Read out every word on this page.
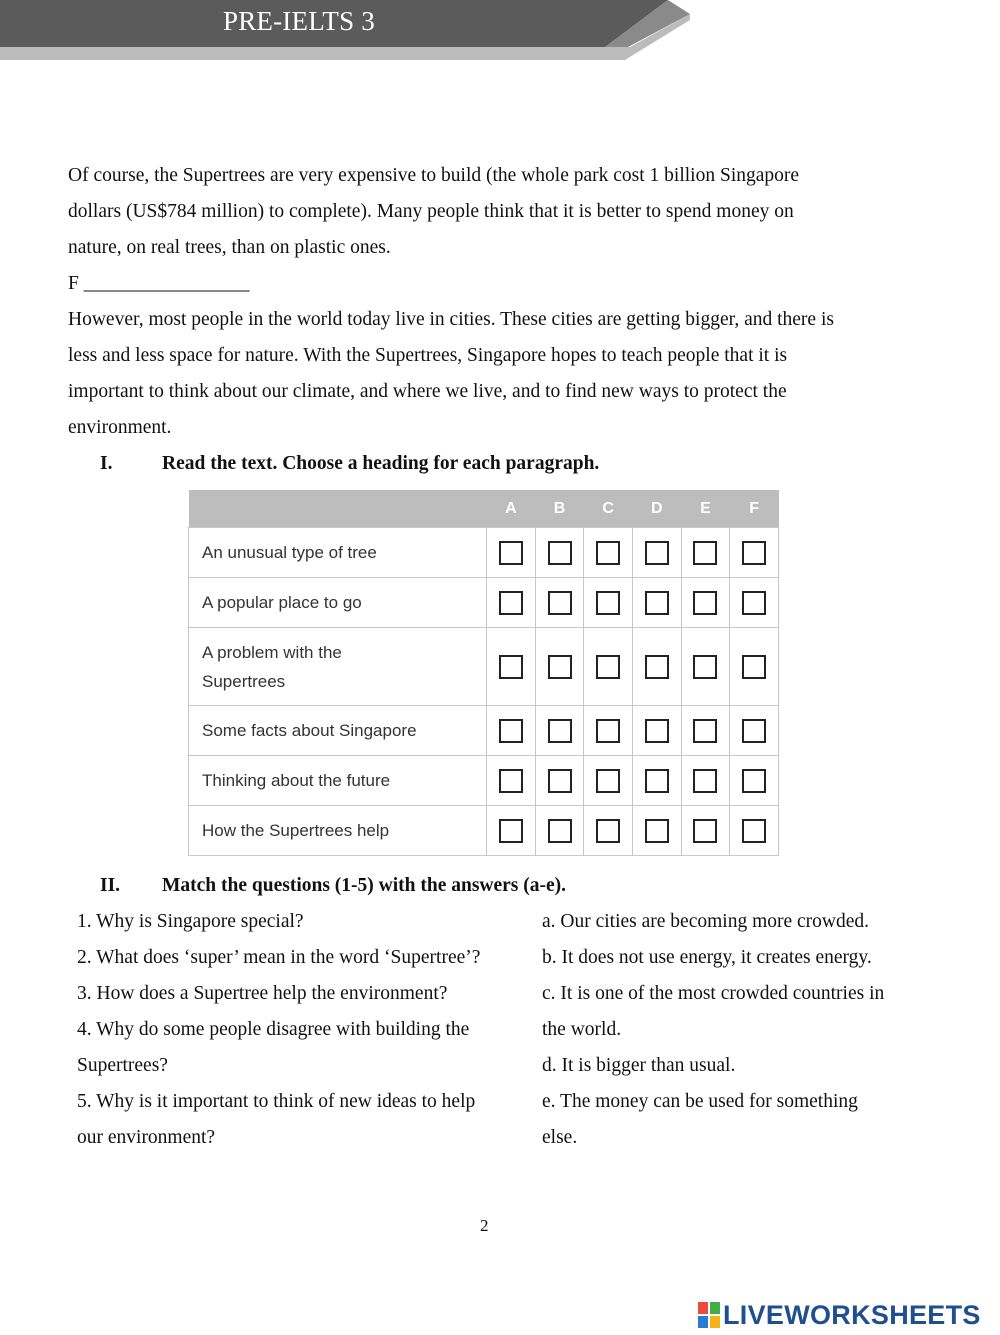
PRE-IELTS 3
Of course, the Supertrees are very expensive to build (the whole park cost 1 billion Singapore
dollars (US$784 million) to complete). Many people think that it is better to spend money on
nature, on real trees, than on plastic ones.
F _________________
However, most people in the world today live in cities. These cities are getting bigger, and there is
less and less space for nature. With the Supertrees, Singapore hopes to teach people that it is
important to think about our climate, and where we live, and to find new ways to protect the
environment.
I.	Read the text. Choose a heading for each paragraph.
	A	B	C	D	E	F
An unusual type of tree						
A popular place to go						
A problem with the
Supertrees						
Some facts about Singapore						
Thinking about the future						
How the Supertrees help						
II. Match the questions (1-5) with the answers (a-e).
1. Why is Singapore special?
2. What does ‘super’ mean in the word ‘Supertree’?
3. How does a Supertree help the environment?
4. Why do some people disagree with building the
Supertrees?
5. Why is it important to think of new ideas to help
our environment?
a. Our cities are becoming more crowded.
b. It does not use energy, it creates energy.
c. It is one of the most crowded countries in
the world.
d. It is bigger than usual.
e. The money can be used for something
else.
2
LIVEWORKSHEETS
